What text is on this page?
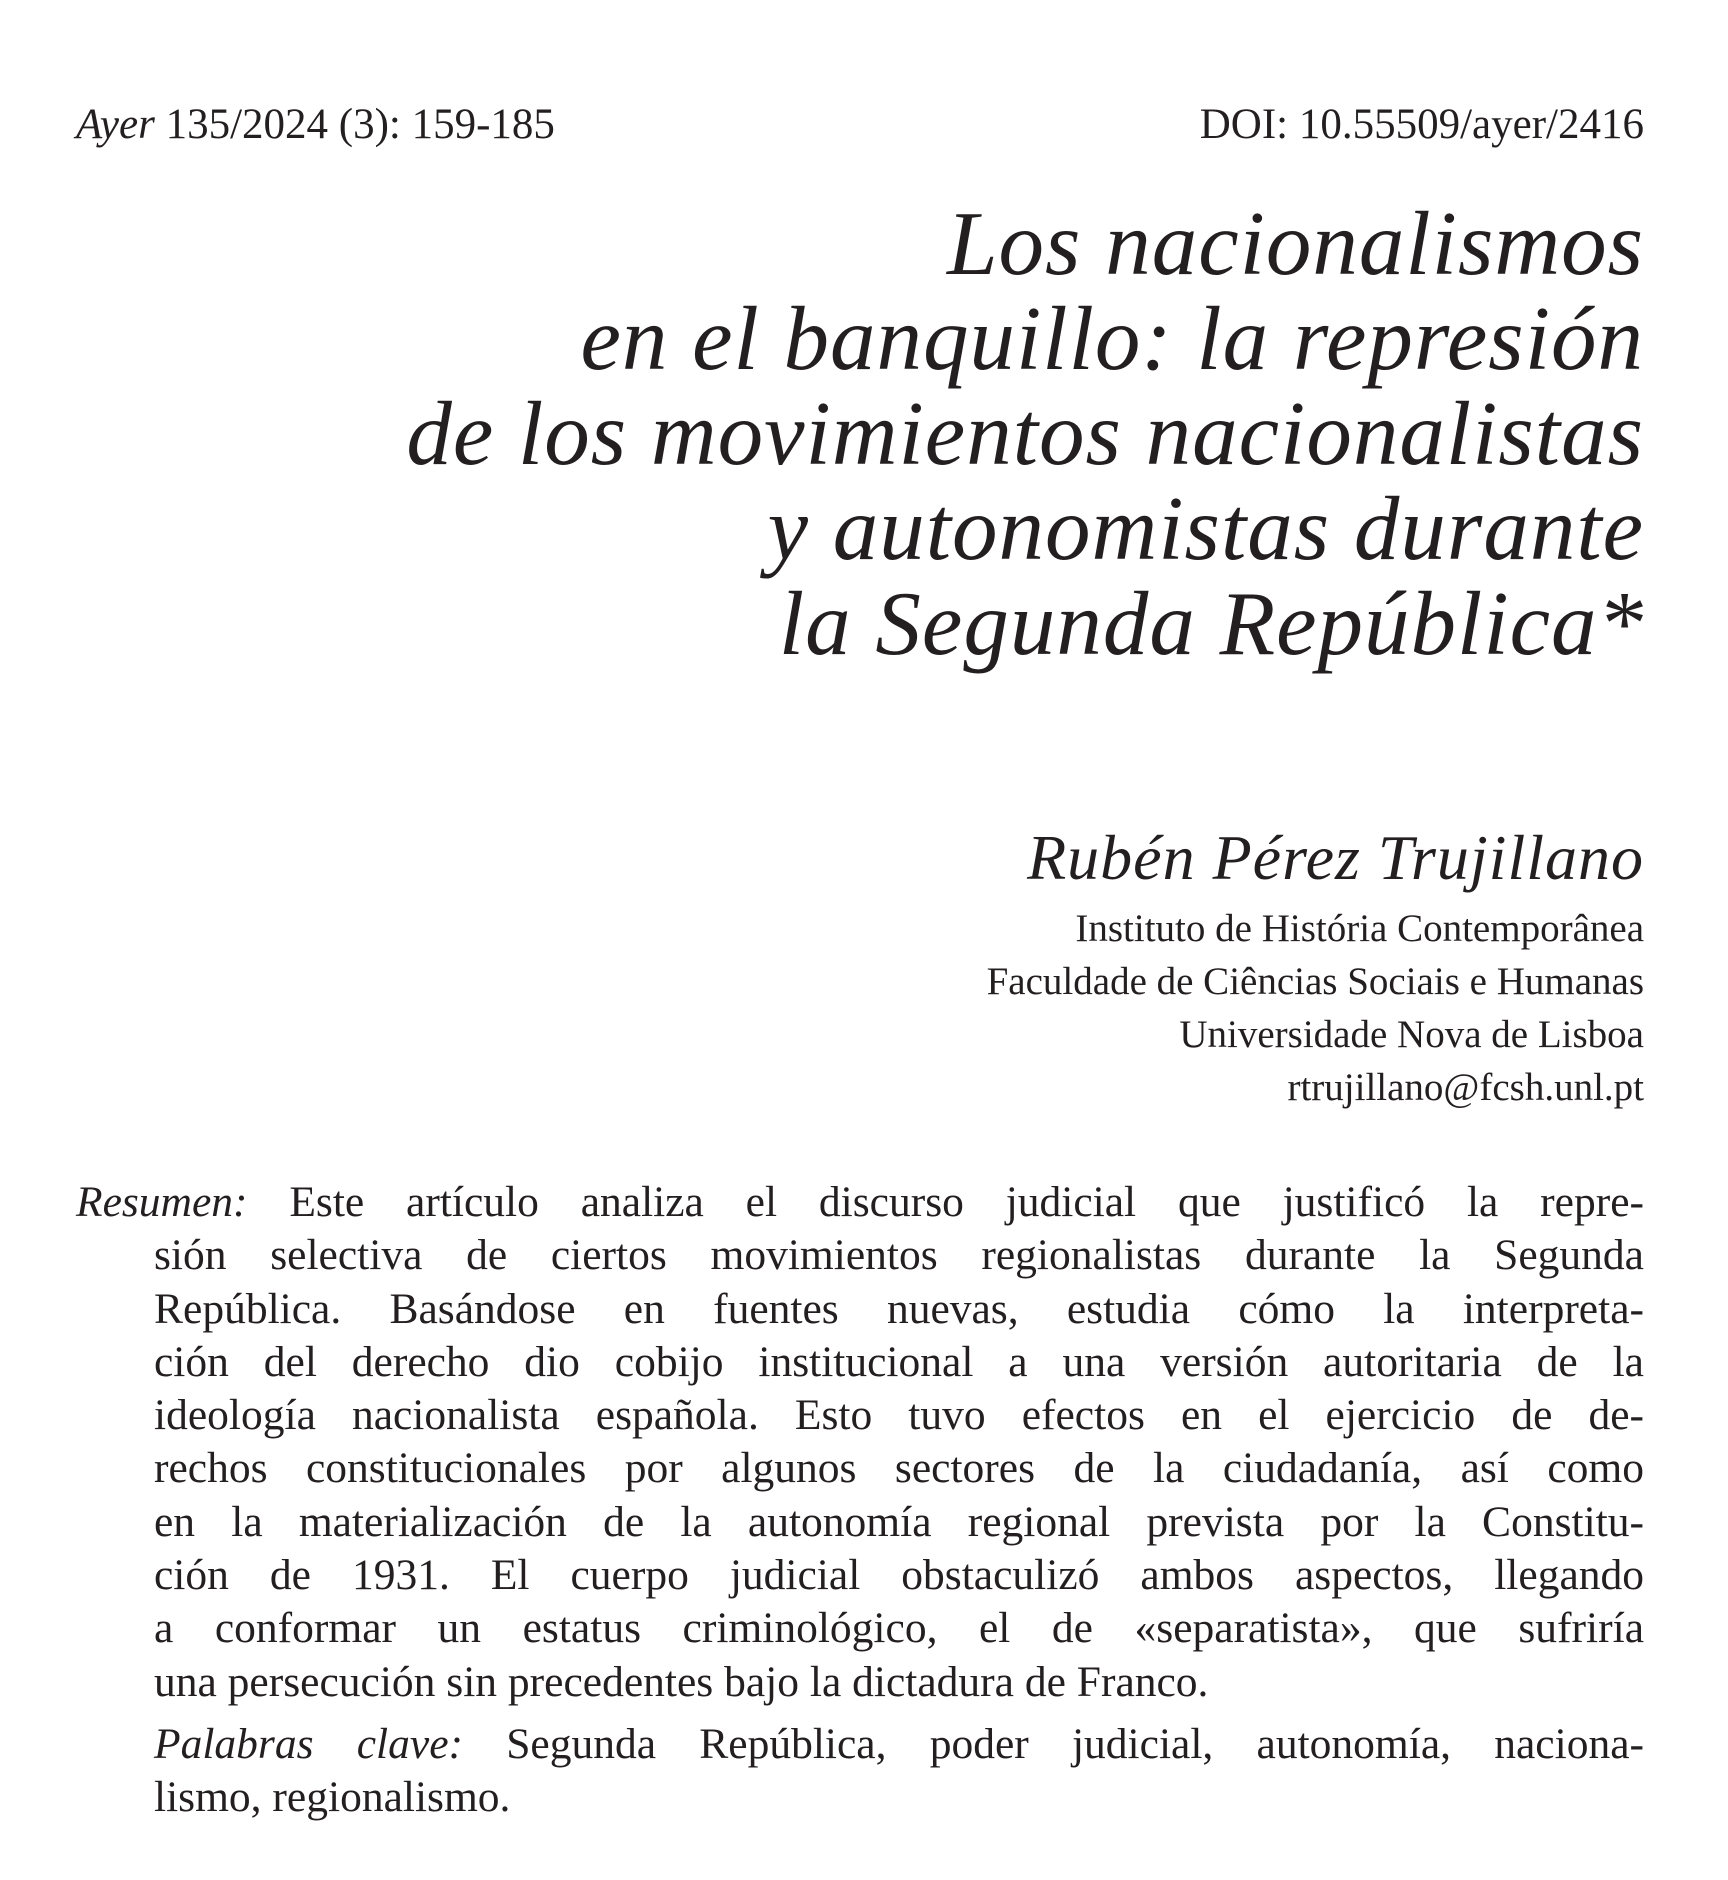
Ayer 135/2024 (3): 159-185	DOI: 10.55509/ayer/2416
Los nacionalismos
en el banquillo: la represión
de los movimientos nacionalistas
y autonomistas durante
la Segunda República*
Rubén Pérez Trujillano
Instituto de História Contemporânea
Faculdade de Ciências Sociais e Humanas
Universidade Nova de Lisboa
rtrujillano@fcsh.unl.pt
Resumen: Este artículo analiza el discurso judicial que justificó la repre-
sión selectiva de ciertos movimientos regionalistas durante la Segunda
República. Basándose en fuentes nuevas, estudia cómo la interpreta-
ción del derecho dio cobijo institucional a una versión autoritaria de la
ideología nacionalista española. Esto tuvo efectos en el ejercicio de de-
rechos constitucionales por algunos sectores de la ciudadanía, así como
en la materialización de la autonomía regional prevista por la Constitu-
ción de 1931. El cuerpo judicial obstaculizó ambos aspectos, llegando
a conformar un estatus criminológico, el de «separatista», que sufriría
una persecución sin precedentes bajo la dictadura de Franco.
Palabras clave: Segunda República, poder judicial, autonomía, naciona-
lismo, regionalismo.
